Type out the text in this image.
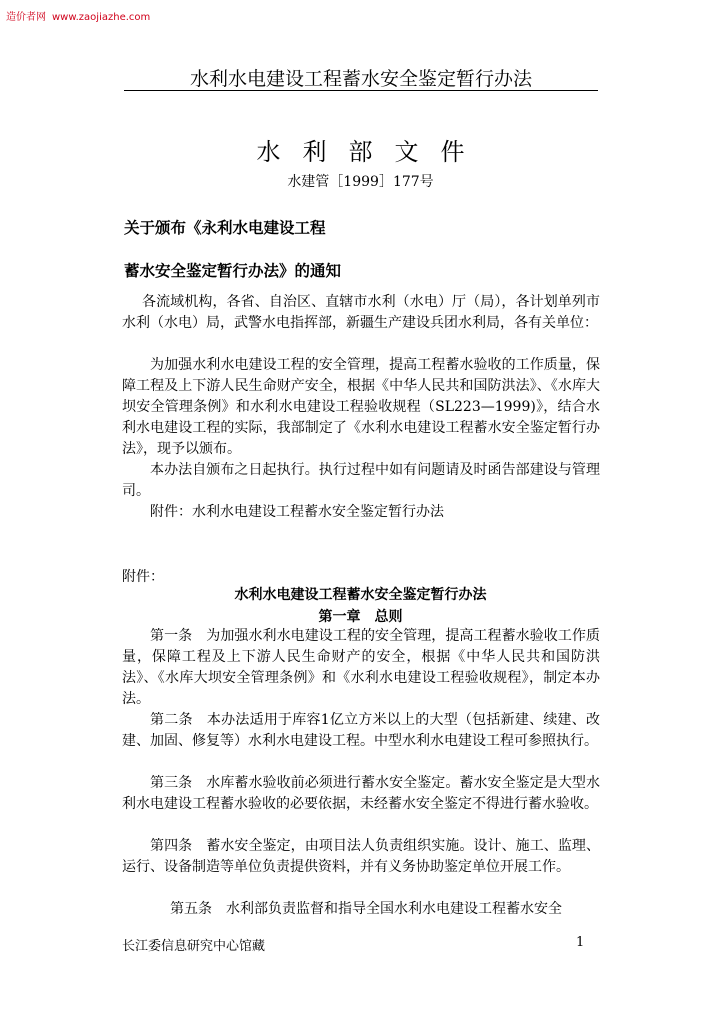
造价者网 www.zaojiazhe.com
水利水电建设工程蓄水安全鉴定暂行办法
水利部文件
水建管［1999］177号
关于颁布《永利水电建设工程
蓄水安全鉴定暂行办法》的通知

各流域机构，各省、自治区、直辖市水利（水电）厅（局），各计划单列市水利（水电）局，武警水电指挥部，新疆生产建设兵团水利局，各有关单位：

为加强水利水电建设工程的安全管理，提高工程蓄水验收的工作质量，保障工程及上下游人民生命财产安全，根据《中华人民共和国防洪法》、《水库大坝安全管理条例》和水利水电建设工程验收规程（SL223—1999)》，结合水利水电建设工程的实际，我部制定了《水利水电建设工程蓄水安全鉴定暂行办法》，现予以颁布。

本办法自颁布之日起执行。执行过程中如有问题请及时函告部建设与管理司。

附件：水利水电建设工程蓄水安全鉴定暂行办法

附件：
水利水电建设工程蓄水安全鉴定暂行办法
第一章　总则

第一条　为加强水利水电建设工程的安全管理，提高工程蓄水验收工作质量，保障工程及上下游人民生命财产的安全，根据《中华人民共和国防洪法》、《水库大坝安全管理条例》和《水利水电建设工程验收规程》，制定本办法。

第二条　本办法适用于库容1亿立方米以上的大型（包括新建、续建、改建、加固、修复等）水利水电建设工程。中型水利水电建设工程可参照执行。

第三条　水库蓄水验收前必须进行蓄水安全鉴定。蓄水安全鉴定是大型水利水电建设工程蓄水验收的必要依据，未经蓄水安全鉴定不得进行蓄水验收。

第四条　蓄水安全鉴定，由项目法人负责组织实施。设计、施工、监理、运行、设备制造等单位负责提供资料，并有义务协助鉴定单位开展工作。

第五条　水利部负责监督和指导全国水利水电建设工程蓄水安全

长江委信息研究中心馆藏	1
